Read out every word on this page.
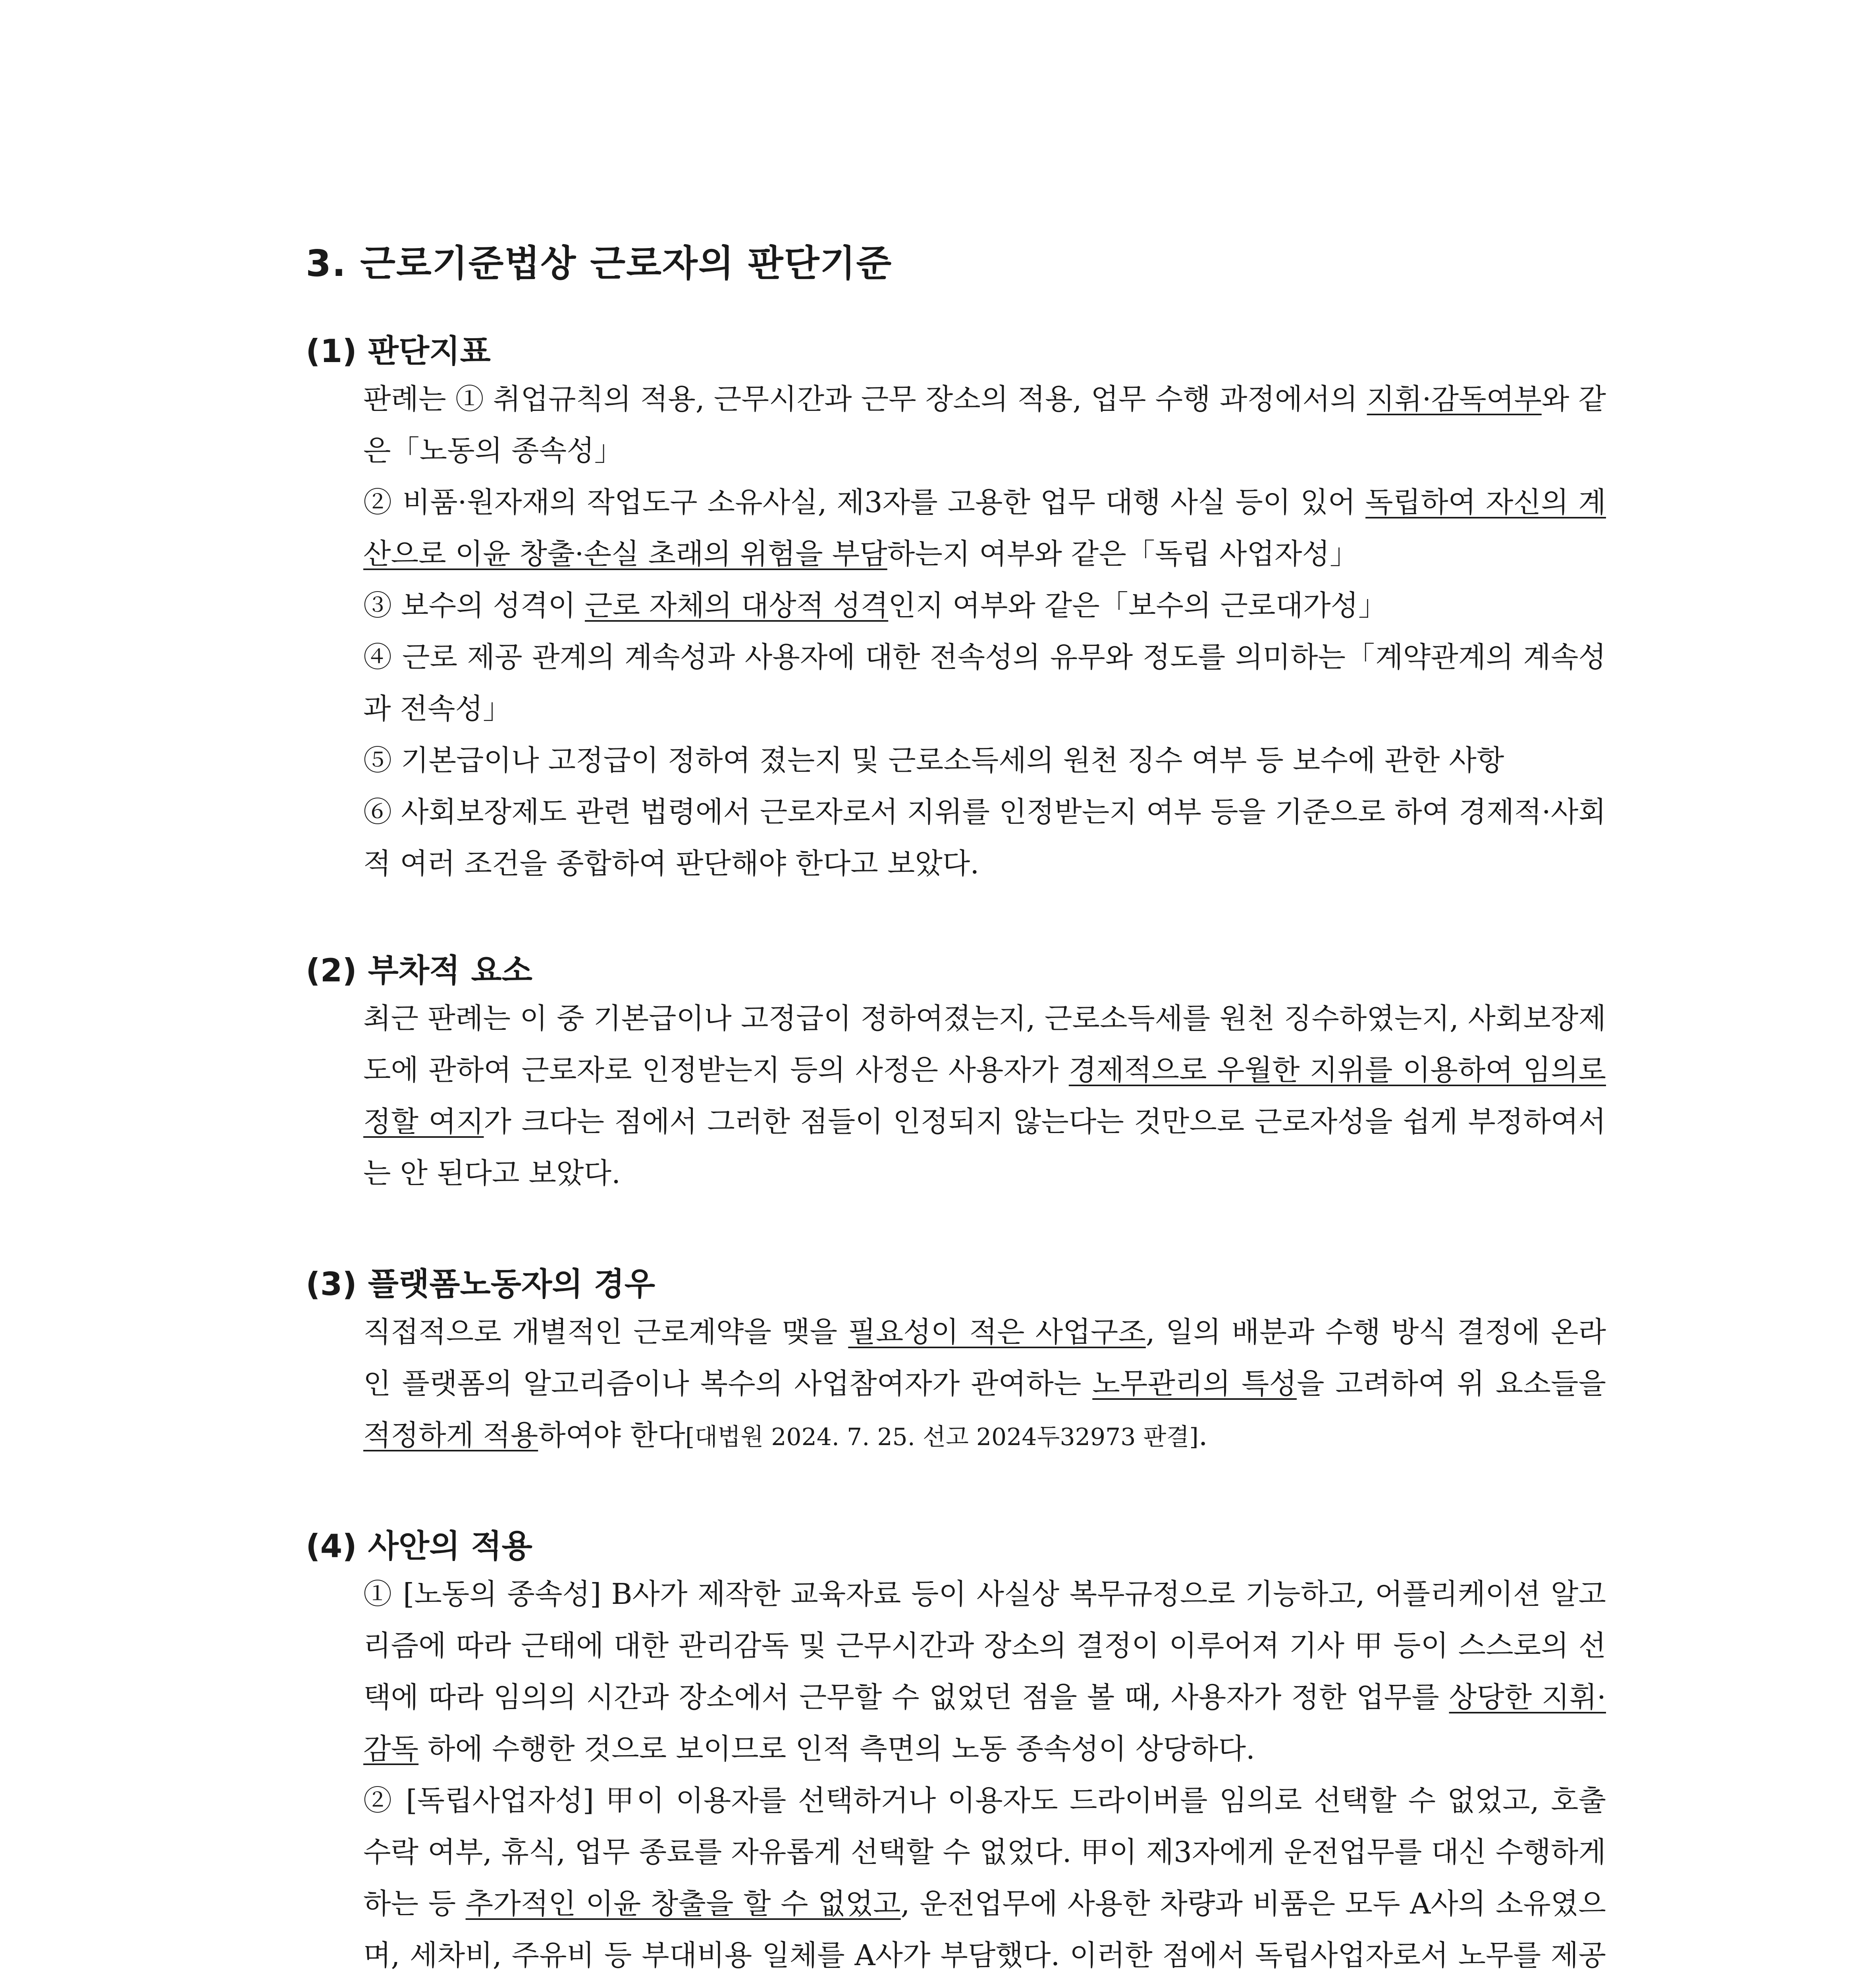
3. 근로기준법상 근로자의 판단기준
(1) 판단지표

판례는 ① 취업규칙의 적용, 근무시간과 근무 장소의 적용, 업무 수행 과정에서의 지휘·감독여부와 같은「노동의 종속성」

② 비품·원자재의 작업도구 소유사실, 제3자를 고용한 업무 대행 사실 등이 있어 독립하여 자신의 계산으로 이윤 창출·손실 초래의 위험을 부담하는지 여부와 같은「독립 사업자성」

③ 보수의 성격이 근로 자체의 대상적 성격인지 여부와 같은「보수의 근로대가성」

④ 근로 제공 관계의 계속성과 사용자에 대한 전속성의 유무와 정도를 의미하는「계약관계의 계속성과 전속성」

⑤ 기본급이나 고정급이 정하여 졌는지 및 근로소득세의 원천 징수 여부 등 보수에 관한 사항

⑥ 사회보장제도 관련 법령에서 근로자로서 지위를 인정받는지 여부 등을 기준으로 하여 경제적·사회적 여러 조건을 종합하여 판단해야 한다고 보았다.

(2) 부차적 요소

최근 판례는 이 중 기본급이나 고정급이 정하여졌는지, 근로소득세를 원천 징수하였는지, 사회보장제도에 관하여 근로자로 인정받는지 등의 사정은 사용자가 경제적으로 우월한 지위를 이용하여 임의로 정할 여지가 크다는 점에서 그러한 점들이 인정되지 않는다는 것만으로 근로자성을 쉽게 부정하여서는 안 된다고 보았다.

(3) 플랫폼노동자의 경우

직접적으로 개별적인 근로계약을 맺을 필요성이 적은 사업구조, 일의 배분과 수행 방식 결정에 온라인 플랫폼의 알고리즘이나 복수의 사업참여자가 관여하는 노무관리의 특성을 고려하여 위 요소들을 적정하게 적용하여야 한다[대법원 2024. 7. 25. 선고 2024두32973 판결].

(4) 사안의 적용

① [노동의 종속성] B사가 제작한 교육자료 등이 사실상 복무규정으로 기능하고, 어플리케이션 알고리즘에 따라 근태에 대한 관리감독 및 근무시간과 장소의 결정이 이루어져 기사 甲 등이 스스로의 선택에 따라 임의의 시간과 장소에서 근무할 수 없었던 점을 볼 때, 사용자가 정한 업무를 상당한 지휘·감독 하에 수행한 것으로 보이므로 인적 측면의 노동 종속성이 상당하다.

② [독립사업자성] 甲이 이용자를 선택하거나 이용자도 드라이버를 임의로 선택할 수 없었고, 호출 수락 여부, 휴식, 업무 종료를 자유롭게 선택할 수 없었다. 甲이 제3자에게 운전업무를 대신 수행하게 하는 등 추가적인 이윤 창출을 할 수 없었고, 운전업무에 사용한 차량과 비품은 모두 A사의 소유였으며, 세차비, 주유비 등 부대비용 일체를 A사가 부담했다. 이러한 점에서 독립사업자로서 노무를 제공
